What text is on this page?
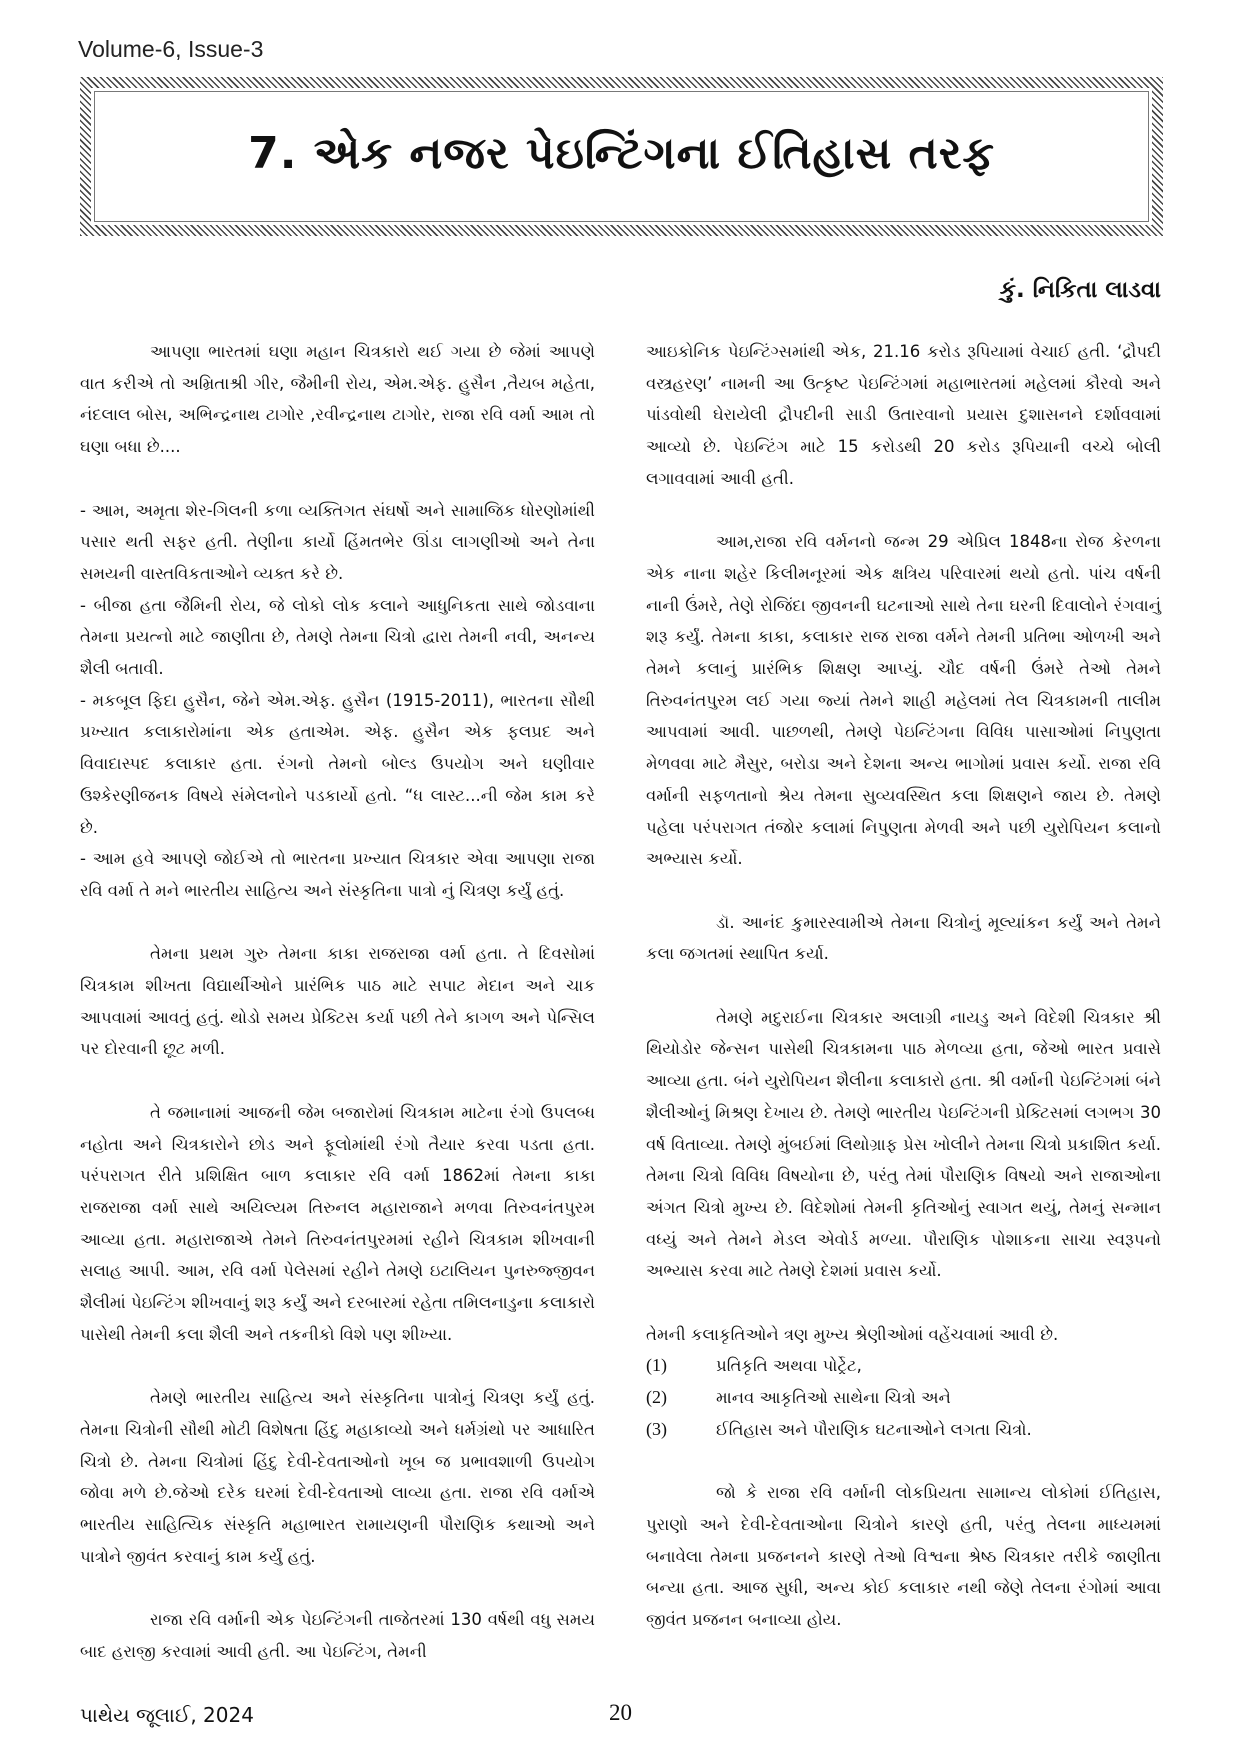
Volume-6, Issue-3
7. એક નજર પેઇન્ટિંગના ઈતિહાસ તરફ
કું. નિકિતા લાડવા

આપણા ભારતમાં ઘણા મહાન ચિત્રકારો થઈ ગયા છે જેમાં આપણે વાત કરીએ તો અમ્રિતાશ્રી ગીર, જૈમીની રોય, એમ.એફ. હુસૈન ,તૈયબ મહેતા, નંદલાલ બોસ, અભિન્દ્રનાથ ટાગોર ,રવીન્દ્રનાથ ટાગોર, રાજા રવિ વર્મા આમ તો ઘણા બધા છે....

- આમ, અમૃતા શેર-ગિલની કળા વ્યક્તિગત સંઘર્ષો અને સામાજિક ધોરણોમાંથી પસાર થતી સફર હતી. તેણીના કાર્યો હિંમતભેર ઊંડા લાગણીઓ અને તેના સમયની વાસ્તવિકતાઓને વ્યક્ત કરે છે.

- બીજા હતા જૈમિની રોય, જે લોકો લોક કલાને આધુનિકતા સાથે જોડવાના તેમના પ્રયત્નો માટે જાણીતા છે, તેમણે તેમના ચિત્રો દ્વારા તેમની નવી, અનન્ય શૈલી બતાવી.

- મકબૂલ ફિદા હુસૈન, જેને એમ.એફ. હુસૈન (1915-2011), ભારતના સૌથી પ્રખ્યાત કલાકારોમાંના એક હતાએમ. એફ. હુસૈન એક ફલપ્રદ અને વિવાદાસ્પદ કલાકાર હતા. રંગનો તેમનો બોલ્ડ ઉપયોગ અને ઘણીવાર ઉશ્કેરણીજનક વિષયે સંમેલનોને પડકાર્યો હતો. “ધ લાસ્ટ...ની જેમ કામ કરે છે.

- આમ હવે આપણે જોઈએ તો ભારતના પ્રખ્યાત ચિત્રકાર એવા આપણા રાજા રવિ વર્મા તે મને ભારતીય સાહિત્ય અને સંસ્કૃતિના પાત્રો નું ચિત્રણ કર્યું હતું.

તેમના પ્રથમ ગુરુ તેમના કાકા રાજરાજા વર્મા હતા. તે દિવસોમાં ચિત્રકામ શીખતા વિદ્યાર્થીઓને પ્રારંભિક પાઠ માટે સપાટ મેદાન અને ચાક આપવામાં આવતું હતું. થોડો સમય પ્રેક્ટિસ કર્યા પછી તેને કાગળ અને પેન્સિલ પર દોરવાની છૂટ મળી.

તે જમાનામાં આજની જેમ બજારોમાં ચિત્રકામ માટેના રંગો ઉપલબ્ધ નહોતા અને ચિત્રકારોને છોડ અને ફૂલોમાંથી રંગો તૈયાર કરવા પડતા હતા. પરંપરાગત રીતે પ્રશિક્ષિત બાળ કલાકાર રવિ વર્મા 1862માં તેમના કાકા રાજરાજા વર્મા સાથે અયિલ્યમ તિરુનલ મહારાજાને મળવા તિરુવનંતપુરમ આવ્યા હતા. મહારાજાએ તેમને તિરુવનંતપુરમમાં રહીને ચિત્રકામ શીખવાની સલાહ આપી. આમ, રવિ વર્મા પેલેસમાં રહીને તેમણે ઇટાલિયન પુનરુજ્જીવન શૈલીમાં પેઇન્ટિંગ શીખવાનું શરૂ કર્યું અને દરબારમાં રહેતા તમિલનાડુના કલાકારો પાસેથી તેમની કલા શૈલી અને તકનીકો વિશે પણ શીખ્યા.

તેમણે ભારતીય સાહિત્ય અને સંસ્કૃતિના પાત્રોનું ચિત્રણ કર્યું હતું. તેમના ચિત્રોની સૌથી મોટી વિશેષતા હિંદુ મહાકાવ્યો અને ધર્મગ્રંથો પર આધારિત ચિત્રો છે. તેમના ચિત્રોમાં હિંદુ દેવી-દેવતાઓનો ખૂબ જ પ્રભાવશાળી ઉપયોગ જોવા મળે છે.જેઓ દરેક ઘરમાં દેવી-દેવતાઓ લાવ્યા હતા. રાજા રવિ વર્માએ ભારતીય સાહિત્યિક સંસ્કૃતિ મહાભારત રામાયણની પૌરાણિક કથાઓ અને પાત્રોને જીવંત કરવાનું કામ કર્યું હતું.

રાજા રવિ વર્માની એક પેઇન્ટિંગની તાજેતરમાં 130 વર્ષથી વધુ સમય બાદ હરાજી કરવામાં આવી હતી. આ પેઇન્ટિંગ, તેમની

આઇકોનિક પેઇન્ટિંગ્સમાંથી એક, 21.16 કરોડ રૂપિયામાં વેચાઈ હતી. ‘દ્રૌપદી વસ્ત્રહરણ’ નામની આ ઉત્કૃષ્ટ પેઇન્ટિંગમાં મહાભારતમાં મહેલમાં કૌરવો અને પાંડવોથી ઘેરાયેલી દ્રૌપદીની સાડી ઉતારવાનો પ્રયાસ દુશાસનને દર્શાવવામાં આવ્યો છે. પેઇન્ટિંગ માટે 15 કરોડથી 20 કરોડ રૂપિયાની વચ્ચે બોલી લગાવવામાં આવી હતી.

આમ,રાજા રવિ વર્મનનો જન્મ 29 એપ્રિલ 1848ના રોજ કેરળના એક નાના શહેર કિલીમનૂરમાં એક ક્ષત્રિય પરિવારમાં થયો હતો. પાંચ વર્ષની નાની ઉંમરે, તેણે રોજિંદા જીવનની ઘટનાઓ સાથે તેના ઘરની દિવાલોને રંગવાનું શરૂ કર્યું. તેમના કાકા, કલાકાર રાજ રાજા વર્મને તેમની પ્રતિભા ઓળખી અને તેમને કલાનું પ્રારંભિક શિક્ષણ આપ્યું. ચૌદ વર્ષની ઉંમરે તેઓ તેમને તિરુવનંતપુરમ લઈ ગયા જ્યાં તેમને શાહી મહેલમાં તેલ ચિત્રકામની તાલીમ આપવામાં આવી. પાછળથી, તેમણે પેઇન્ટિંગના વિવિધ પાસાઓમાં નિપુણતા મેળવવા માટે મૈસુર, બરોડા અને દેશના અન્ય ભાગોમાં પ્રવાસ કર્યો. રાજા રવિ વર્માની સફળતાનો શ્રેય તેમના સુવ્યવસ્થિત કલા શિક્ષણને જાય છે. તેમણે પહેલા પરંપરાગત તંજોર કલામાં નિપુણતા મેળવી અને પછી યુરોપિયન કલાનો અભ્યાસ કર્યો.

ડૉ. આનંદ કુમારસ્વામીએ તેમના ચિત્રોનું મૂલ્યાંકન કર્યું અને તેમને કલા જગતમાં સ્થાપિત કર્યા.

તેમણે મદુરાઈના ચિત્રકાર અલાગ્રી નાયડુ અને વિદેશી ચિત્રકાર શ્રી થિયોડોર જેન્સન પાસેથી ચિત્રકામના પાઠ મેળવ્યા હતા, જેઓ ભારત પ્રવાસે આવ્યા હતા. બંને યુરોપિયન શૈલીના કલાકારો હતા. શ્રી વર્માની પેઇન્ટિંગમાં બંને શૈલીઓનું મિશ્રણ દેખાય છે. તેમણે ભારતીય પેઇન્ટિંગની પ્રેક્ટિસમાં લગભગ 30 વર્ષ વિતાવ્યા. તેમણે મુંબઈમાં લિથોગ્રાફ પ્રેસ ખોલીને તેમના ચિત્રો પ્રકાશિત કર્યા. તેમના ચિત્રો વિવિધ વિષયોના છે, પરંતુ તેમાં પૌરાણિક વિષયો અને રાજાઓના અંગત ચિત્રો મુખ્ય છે. વિદેશોમાં તેમની કૃતિઓનું સ્વાગત થયું, તેમનું સન્માન વધ્યું અને તેમને મેડલ એવોર્ડ મળ્યા. પૌરાણિક પોશાકના સાચા સ્વરૂપનો અભ્યાસ કરવા માટે તેમણે દેશમાં પ્રવાસ કર્યો.

તેમની કલાકૃતિઓને ત્રણ મુખ્ય શ્રેણીઓમાં વહેંચવામાં આવી છે.

(1)	પ્રતિકૃતિ અથવા પોર્ટ્રેટ,
(2)	માનવ આકૃતિઓ સાથેના ચિત્રો અને
(3)	ઈતિહાસ અને પૌરાણિક ઘટનાઓને લગતા ચિત્રો.

જો કે રાજા રવિ વર્માની લોકપ્રિયતા સામાન્ય લોકોમાં ઈતિહાસ, પુરાણો અને દેવી-દેવતાઓના ચિત્રોને કારણે હતી, પરંતુ તેલના માધ્યમમાં બનાવેલા તેમના પ્રજનનને કારણે તેઓ વિશ્વના શ્રેષ્ઠ ચિત્રકાર તરીકે જાણીતા બન્યા હતા. આજ સુધી, અન્ય કોઈ કલાકાર નથી જેણે તેલના રંગોમાં આવા જીવંત પ્રજનન બનાવ્યા હોય.

પાથેય જૂલાઈ, 2024	20
